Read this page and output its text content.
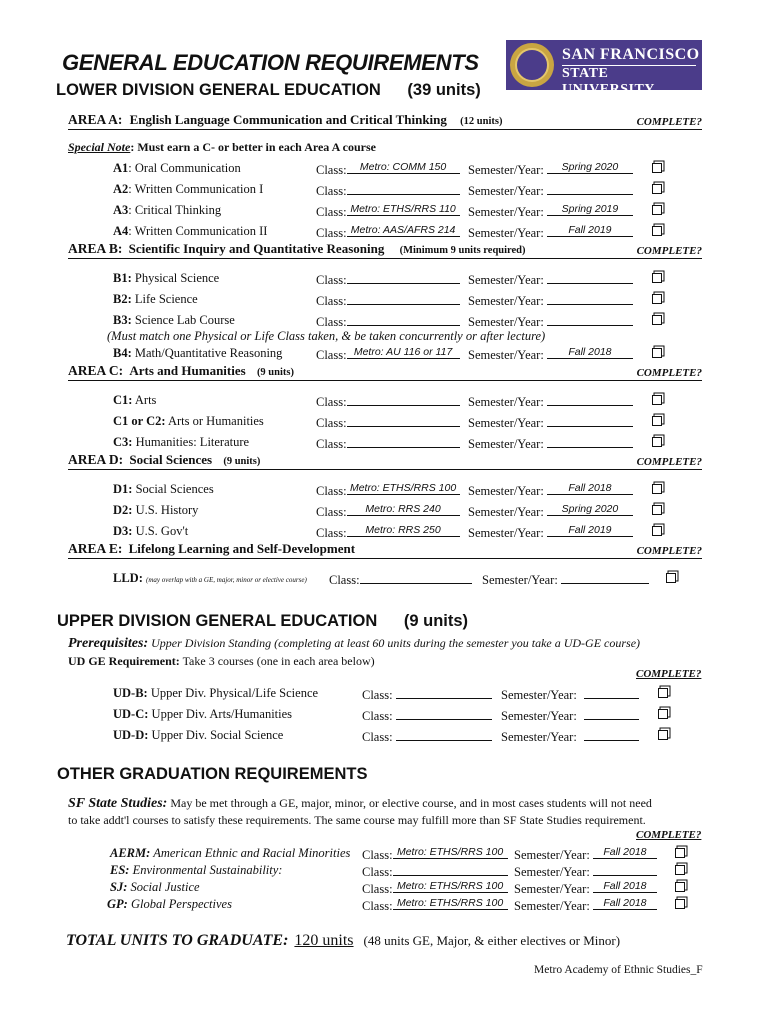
GENERAL EDUCATION REQUIREMENTS
LOWER DIVISION GENERAL EDUCATION (39 units)
SAN FRANCISCO
STATE UNIVERSITY
AREA A: English Language Communication and Critical Thinking (12 units)	COMPLETE?
Special Note: Must earn a C- or better in each Area A course
A1: Oral Communication	Class:	Metro: COMM 150	Semester/Year:	Spring 2020
A2: Written Communication I	Class:	Semester/Year:
A3: Critical Thinking	Class: Metro: ETHS/RRS 110 Semester/Year:	Spring 2019
A4: Written Communication II	Class: Metro: AAS/AFRS 214	Semester/Year:	Fall 2019
AREA B: Scientific Inquiry and Quantitative Reasoning (Minimum 9 units required)	COMPLETE?
B1: Physical Science	Class:	Semester/Year:
B2: Life Science	Class:	Semester/Year:
B3: Science Lab Course	Class:	Semester/Year:
(Must match one Physical or Life Class taken, & be taken concurrently or after lecture)
B4: Math/Quantitative Reasoning	Class: Metro: AU 116 or 117	Semester/Year:	Fall 2018
AREA C: Arts and Humanities (9 units)	COMPLETE?
C1: Arts	Class:	Semester/Year:
C1 or C2: Arts or Humanities	Class:	Semester/Year:
C3: Humanities: Literature	Class:	Semester/Year:
AREA D: Social Sciences (9 units)	COMPLETE?
D1: Social Sciences	Class: Metro: ETHS/RRS 100 Semester/Year:	Fall 2018
D2: U.S. History	Class:	Metro: RRS 240	Semester/Year:	Spring 2020
D3: U.S. Gov't	Class:	Metro: RRS 250	Semester/Year:	Fall 2019
AREA E: Lifelong Learning and Self-Development	COMPLETE?
LLD: (may overlap with a GE, major, minor or elective course) Class:	Semester/Year:
UPPER DIVISION GENERAL EDUCATION (9 units)
Prerequisites: Upper Division Standing (completing at least 60 units during the semester you take a UD-GE course)
UD GE Requirement: Take 3 courses (one in each area below)
COMPLETE?
UD-B: Upper Div. Physical/Life Science	Class:	Semester/Year:
UD-C: Upper Div. Arts/Humanities	Class:	Semester/Year:
UD-D: Upper Div. Social Science	Class:	Semester/Year:
OTHER GRADUATION REQUIREMENTS
SF State Studies: May be met through a GE, major, minor, or elective course, and in most cases students will not need
to take addt'l courses to satisfy these requirements. The same course may fulfill more than SF State Studies requirement.
COMPLETE?
AERM: American Ethnic and Racial Minorities Class: Metro: ETHS/RRS 100 Semester/Year:	Fall 2018
ES: Environmental Sustainability:	Class:	Semester/Year:
SJ: Social Justice	Class: Metro: ETHS/RRS 100 Semester/Year:	Fall 2018
GP: Global Perspectives	Class: Metro: ETHS/RRS 100 Semester/Year:	Fall 2018
TOTAL UNITS TO GRADUATE: 120 units (48 units GE, Major, & either electives or Minor)
Metro Academy of Ethnic Studies_F
